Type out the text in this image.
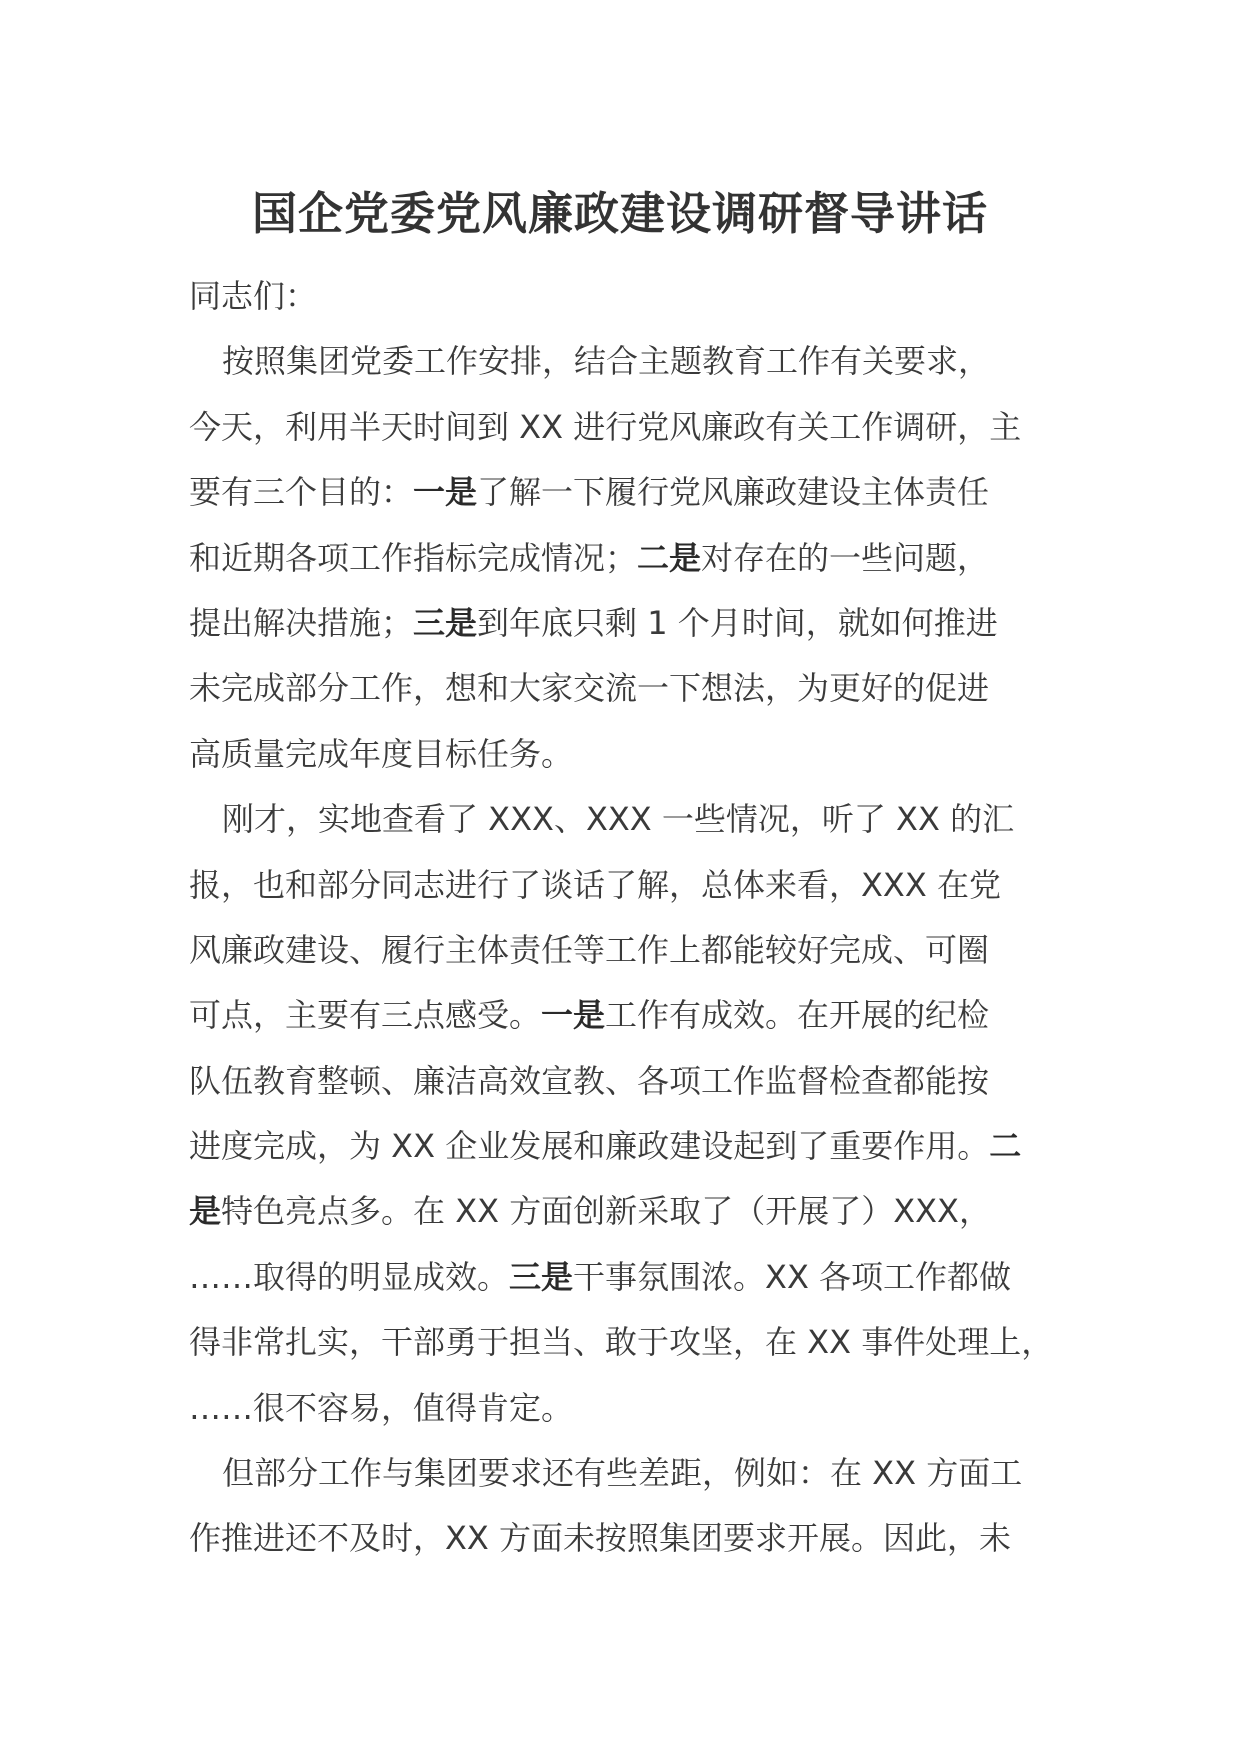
国企党委党风廉政建设调研督导讲话
同志们：
按照集团党委工作安排，结合主题教育工作有关要求，
今天，利用半天时间到 XX 进行党风廉政有关工作调研，主
要有三个目的：一是了解一下履行党风廉政建设主体责任
和近期各项工作指标完成情况；二是对存在的一些问题，
提出解决措施；三是到年底只剩 1 个月时间，就如何推进
未完成部分工作，想和大家交流一下想法，为更好的促进
高质量完成年度目标任务。
刚才，实地查看了 XXX、XXX 一些情况，听了 XX 的汇
报，也和部分同志进行了谈话了解，总体来看，XXX 在党
风廉政建设、履行主体责任等工作上都能较好完成、可圈
可点，主要有三点感受。一是工作有成效。在开展的纪检
队伍教育整顿、廉洁高效宣教、各项工作监督检查都能按
进度完成，为 XX 企业发展和廉政建设起到了重要作用。二
是特色亮点多。在 XX 方面创新采取了（开展了）XXX，
……取得的明显成效。三是干事氛围浓。XX 各项工作都做
得非常扎实，干部勇于担当、敢于攻坚，在 XX 事件处理上，
……很不容易，值得肯定。
但部分工作与集团要求还有些差距，例如：在 XX 方面工
作推进还不及时，XX 方面未按照集团要求开展。因此，未
